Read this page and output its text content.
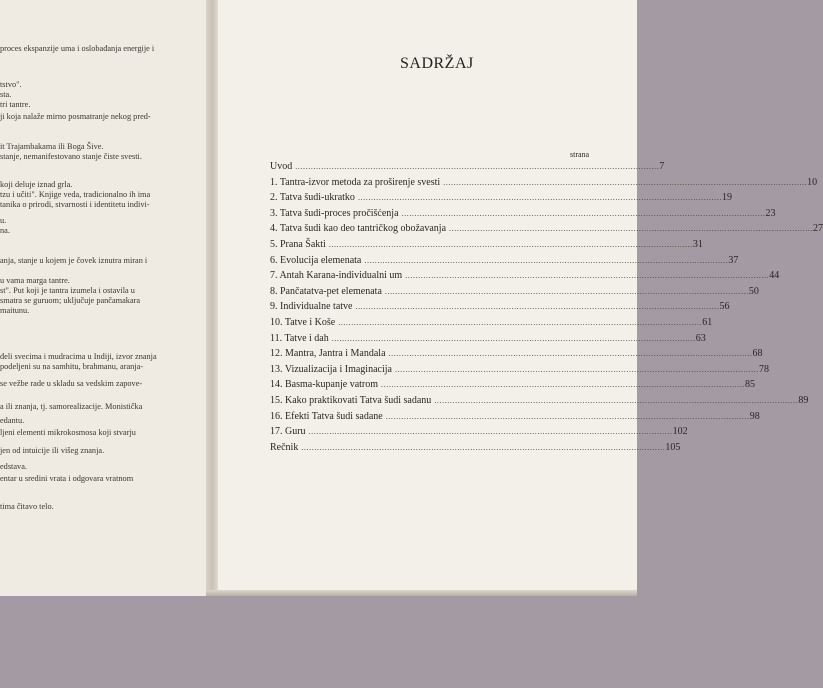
proces ekspanzije uma i oslobađanja energije i
tstvo".
sta.
tri tantre.
ji koja nalaže mirno posmatranje nekog pred-
it Trajambakama ili Boga Šive.
stanje, nemanifestovano stanje čiste svesti.
koji deluje iznad grla.
tzu i učiti". Knjige veda, tradicionalno ih ima
tanika o prirodi, stvarnosti i identitetu indivi-
u.
na.
anja, stanje u kojem je čovek iznutra miran i
u vama marga tantre.
st". Put koji je tantra izumela i ostavila u
smatra se guruom; uključuje pančamakara
maitunu.
đeli svecima i mudracima u Indiji, izvor znanja
podeljeni su na samhitu, brahmanu, aranja-
se vežbe rade u skladu sa vedskim zapove-
a ili znanja, tj. samorealizacije. Monistička
edantu.
ljeni elementi mikrokosmosa koji stvarju
jen od intuicije ili višeg znanja.
edstava.
entar u sredini vrata i odgovara vratnom
tima čitavo telo.
SADRŽAJ
strana
Uvod ............................................................................................................................................ 7
1. Tantra-izvor metoda za proširenje svesti ............................................................................................................................................ 10
2. Tatva šudi-ukratko ............................................................................................................................................ 19
3. Tatva šudi-proces pročišćenja ............................................................................................................................................ 23
4. Tatva šudi kao deo tantričkog obožavanja ............................................................................................................................................ 27
5. Prana Šakti ............................................................................................................................................ 31
6. Evolucija elemenata ............................................................................................................................................ 37
7. Antah Karana-individualni um ............................................................................................................................................ 44
8. Pančatatva-pet elemenata ............................................................................................................................................ 50
9. Individualne tatve ............................................................................................................................................ 56
10. Tatve i Koše ............................................................................................................................................ 61
11. Tatve i dah ............................................................................................................................................ 63
12. Mantra, Jantra i Mandala ............................................................................................................................................ 68
13. Vizualizacija i Imaginacija ............................................................................................................................................ 78
14. Basma-kupanje vatrom ............................................................................................................................................ 85
15. Kako praktikovati Tatva šudi sadanu ............................................................................................................................................ 89
16. Efekti Tatva šudi sadane ............................................................................................................................................ 98
17. Guru ............................................................................................................................................ 102
Rečnik ............................................................................................................................................ 105
